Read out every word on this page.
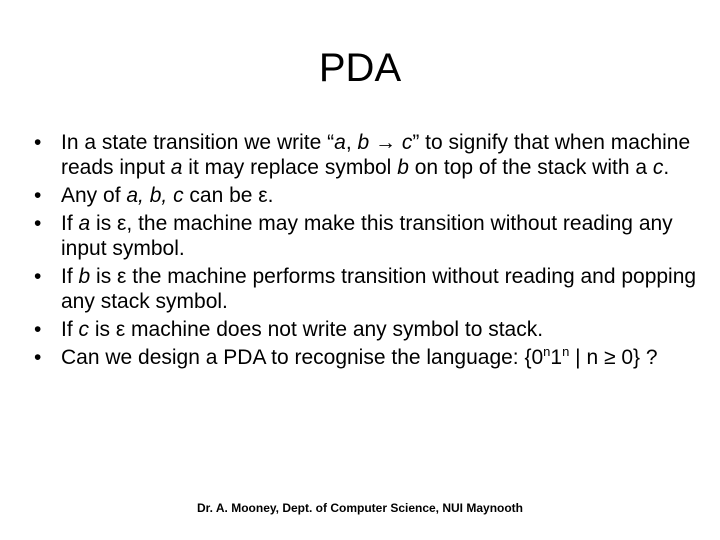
PDA
• In a state transition we write “a, b → c” to signify that when machine reads input a it may replace symbol b on top of the stack with a c.
• Any of a, b, c can be ε.
• If a is ε, the machine may make this transition without reading any input symbol.
• If b is ε the machine performs transition without reading and popping any stack symbol.
• If c is ε machine does not write any symbol to stack.
• Can we design a PDA to recognise the language: {0$^n$1$^n$ | n ≥ 0} ?
Dr. A. Mooney, Dept. of Computer Science, NUI Maynooth
